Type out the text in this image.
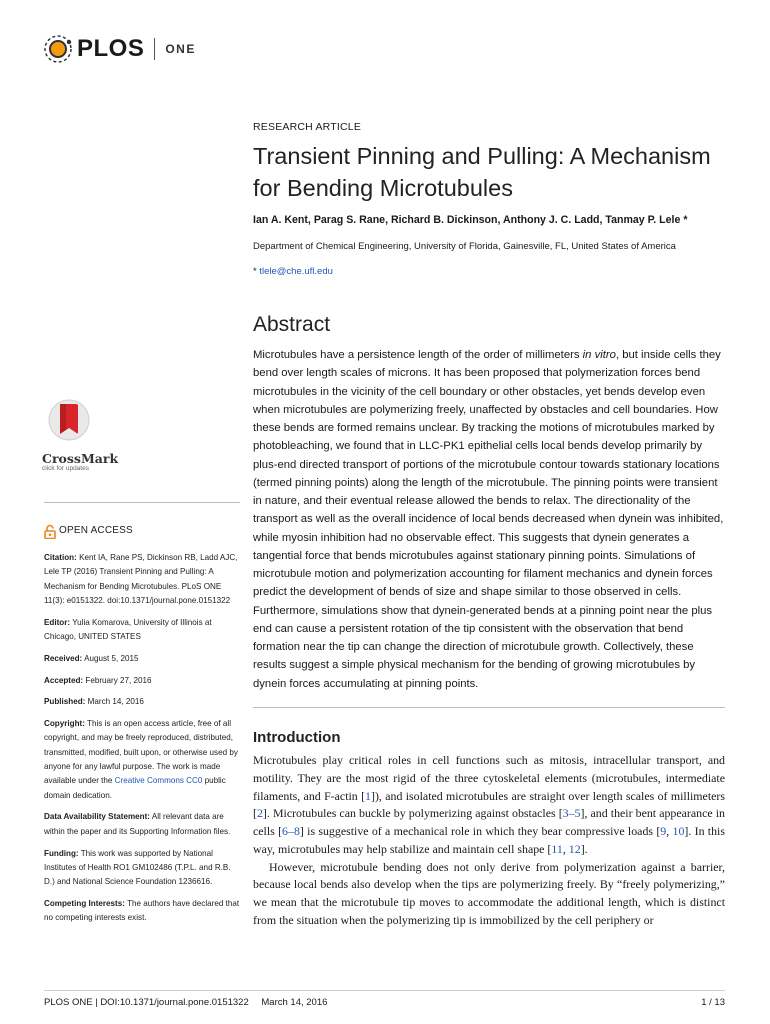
PLOS ONE
RESEARCH ARTICLE
Transient Pinning and Pulling: A Mechanism for Bending Microtubules
Ian A. Kent, Parag S. Rane, Richard B. Dickinson, Anthony J. C. Ladd, Tanmay P. Lele *
Department of Chemical Engineering, University of Florida, Gainesville, FL, United States of America
* tlele@che.ufl.edu
Abstract

Microtubules have a persistence length of the order of millimeters in vitro, but inside cells they bend over length scales of microns. It has been proposed that polymerization forces bend microtubules in the vicinity of the cell boundary or other obstacles, yet bends develop even when microtubules are polymerizing freely, unaffected by obstacles and cell boundaries. How these bends are formed remains unclear. By tracking the motions of microtubules marked by photobleaching, we found that in LLC-PK1 epithelial cells local bends develop primarily by plus-end directed transport of portions of the microtubule contour towards stationary locations (termed pinning points) along the length of the microtubule. The pinning points were transient in nature, and their eventual release allowed the bends to relax. The directionality of the transport as well as the overall incidence of local bends decreased when dynein was inhibited, while myosin inhibition had no observable effect. This suggests that dynein generates a tangential force that bends microtubules against stationary pinning points. Simulations of microtubule motion and polymerization accounting for filament mechanics and dynein forces predict the development of bends of size and shape similar to those observed in cells. Furthermore, simulations show that dynein-generated bends at a pinning point near the plus end can cause a persistent rotation of the tip consistent with the observation that bend formation near the tip can change the direction of microtubule growth. Collectively, these results suggest a simple physical mechanism for the bending of growing microtubules by dynein forces accumulating at pinning points.

CrossMark
click for updates
OPEN ACCESS
Citation: Kent IA, Rane PS, Dickinson RB, Ladd AJC, Lele TP (2016) Transient Pinning and Pulling: A Mechanism for Bending Microtubules. PLoS ONE 11(3): e0151322. doi:10.1371/journal.pone.0151322
Editor: Yulia Komarova, University of Illinois at Chicago, UNITED STATES
Received: August 5, 2015
Accepted: February 27, 2016
Published: March 14, 2016
Copyright: This is an open access article, free of all copyright, and may be freely reproduced, distributed, transmitted, modified, built upon, or otherwise used by anyone for any lawful purpose. The work is made available under the Creative Commons CC0 public domain dedication.
Data Availability Statement: All relevant data are within the paper and its Supporting Information files.
Funding: This work was supported by National Institutes of Health RO1 GM102486 (T.P.L. and R.B. D.) and National Science Foundation 1236616.
Competing Interests: The authors have declared that no competing interests exist.
Introduction

Microtubules play critical roles in cell functions such as mitosis, intracellular transport, and motility. They are the most rigid of the three cytoskeletal elements (microtubules, intermediate filaments, and F-actin [1]), and isolated microtubules are straight over length scales of millimeters [2]. Microtubules can buckle by polymerizing against obstacles [3–5], and their bent appearance in cells [6–8] is suggestive of a mechanical role in which they bear compressive loads [9, 10]. In this way, microtubules may help stabilize and maintain cell shape [11, 12].

However, microtubule bending does not only derive from polymerization against a barrier, because local bends also develop when the tips are polymerizing freely. By “freely polymerizing,” we mean that the microtubule tip moves to accommodate the additional length, which is distinct from the situation when the polymerizing tip is immobilized by the cell periphery or

PLOS ONE | DOI:10.1371/journal.pone.0151322 March 14, 2016	1 / 13
